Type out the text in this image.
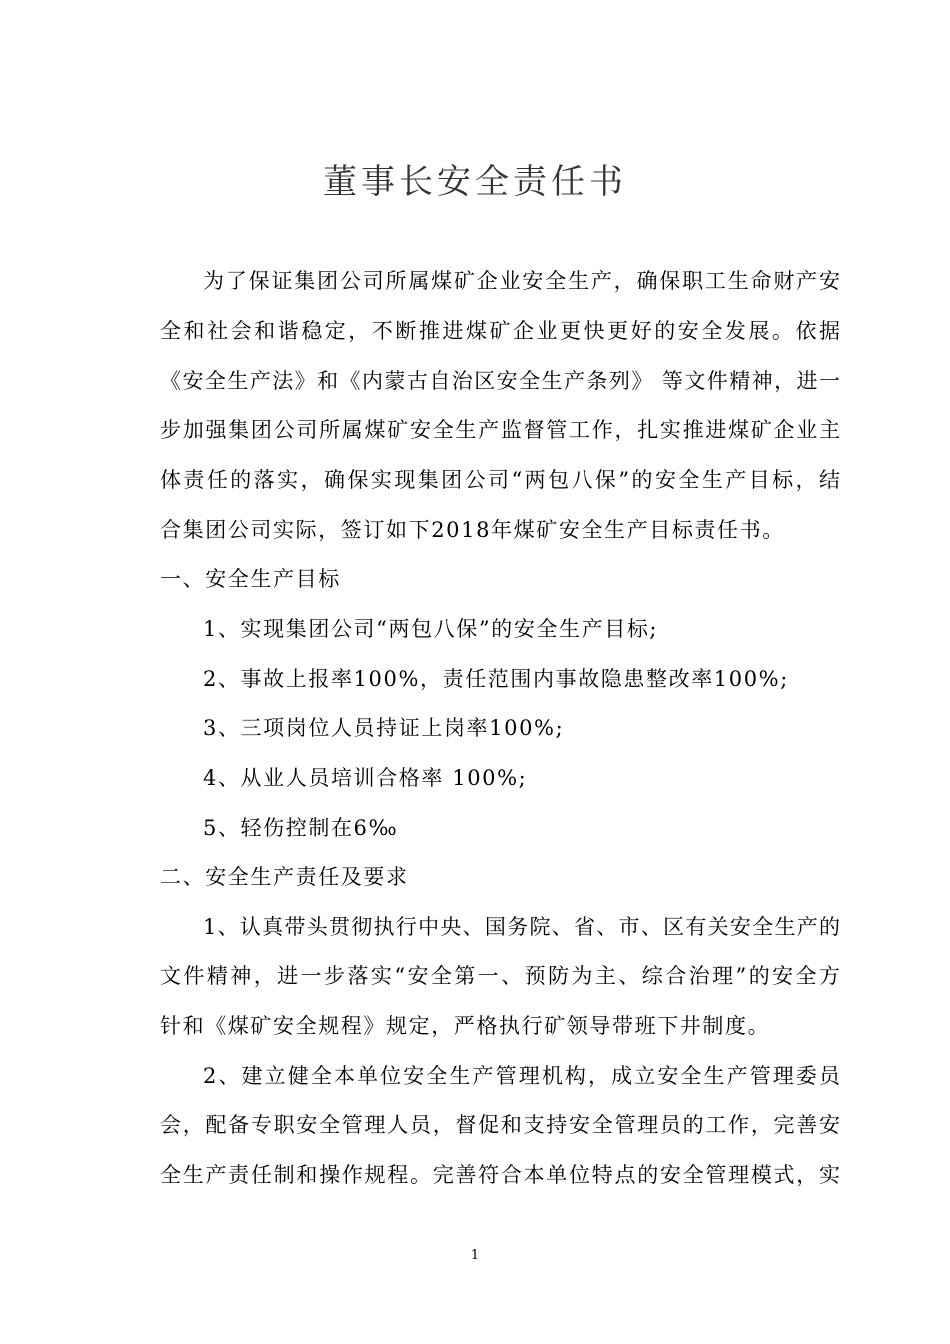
董事长安全责任书
为了保证集团公司所属煤矿企业安全生产，确保职工生命财产安
全和社会和谐稳定，不断推进煤矿企业更快更好的安全发展。依据
《安全生产法》和《内蒙古自治区安全生产条列》 等文件精神，进一
步加强集团公司所属煤矿安全生产监督管工作，扎实推进煤矿企业主
体责任的落实，确保实现集团公司“两包八保”的安全生产目标，结
合集团公司实际，签订如下2018年煤矿安全生产目标责任书。
一、安全生产目标
1、实现集团公司“两包八保”的安全生产目标;
2、事故上报率100%，责任范围内事故隐患整改率100%;
3、三项岗位人员持证上岗率100%;
4、从业人员培训合格率 100%;
5、轻伤控制在6‰
二、安全生产责任及要求
1、认真带头贯彻执行中央、国务院、省、市、区有关安全生产的
文件精神，进一步落实“安全第一、预防为主、综合治理”的安全方
针和《煤矿安全规程》规定，严格执行矿领导带班下井制度。
2、建立健全本单位安全生产管理机构，成立安全生产管理委员
会，配备专职安全管理人员，督促和支持安全管理员的工作，完善安
全生产责任制和操作规程。完善符合本单位特点的安全管理模式，实
1
